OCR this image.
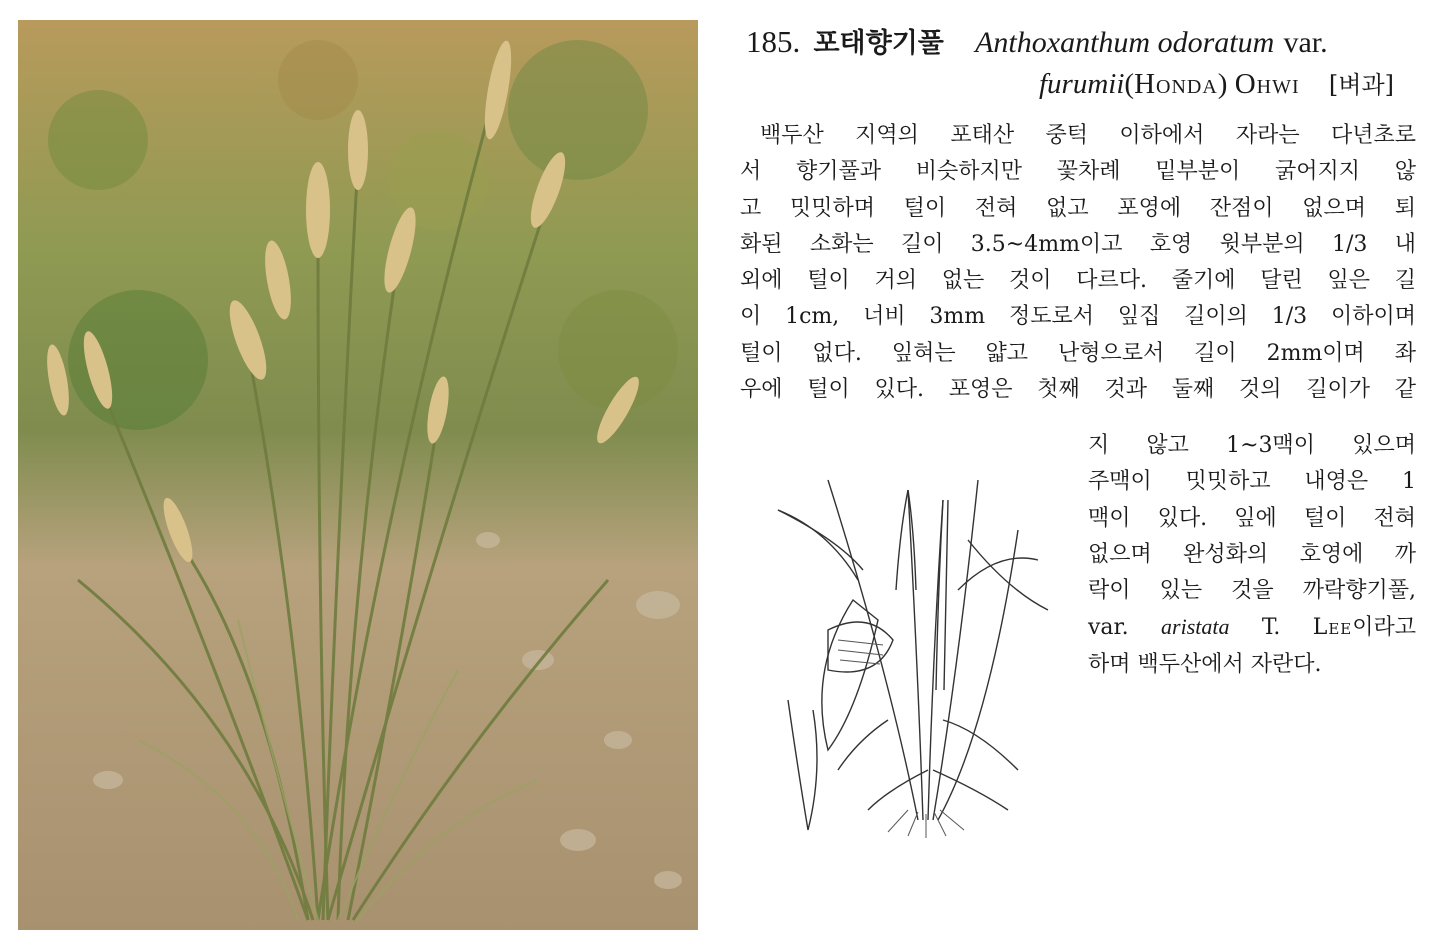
185. 포태향기풀 Anthoxanthum odoratum var.
furumii(Honda) Ohwi [벼과]
백두산 지역의 포태산 중턱 이하에서 자라는 다년초로
서 향기풀과 비슷하지만 꽃차례 밑부분이 굵어지지 않
고 밋밋하며 털이 전혀 없고 포영에 잔점이 없으며 퇴
화된 소화는 길이 3.5~4mm이고 호영 윗부분의 1/3 내
외에 털이 거의 없는 것이 다르다. 줄기에 달린 잎은 길
이 1cm, 너비 3mm 정도로서 잎집 길이의 1/3 이하이며
털이 없다. 잎혀는 얇고 난형으로서 길이 2mm이며 좌
우에 털이 있다. 포영은 첫째 것과 둘째 것의 길이가 같
지 않고 1~3맥이 있으며
주맥이 밋밋하고 내영은 1
맥이 있다. 잎에 털이 전혀
없으며 완성화의 호영에 까
락이 있는 것을 까락향기풀,
var. aristata T. Lee이라고
하며 백두산에서 자란다.
